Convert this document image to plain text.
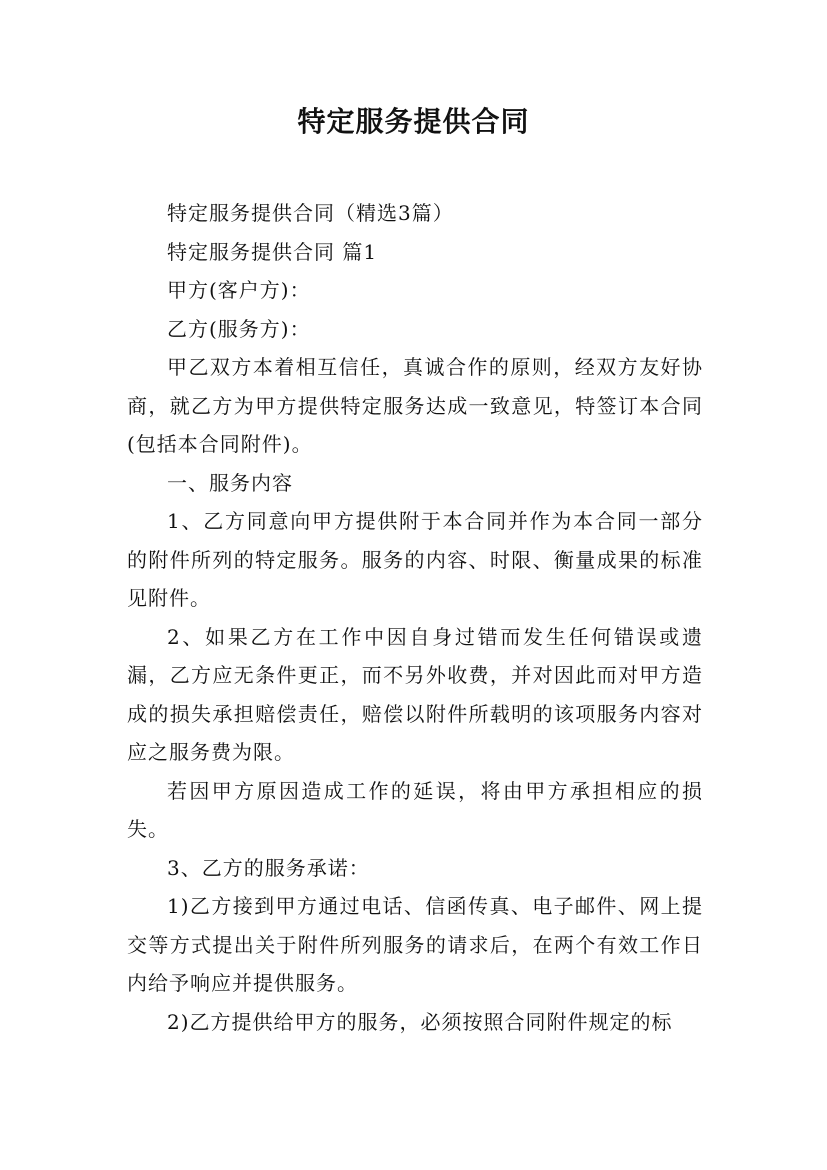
特定服务提供合同

特定服务提供合同（精选3篇）

特定服务提供合同 篇1

甲方(客户方)：

乙方(服务方)：

甲乙双方本着相互信任，真诚合作的原则，经双方友好协商，就乙方为甲方提供特定服务达成一致意见，特签订本合同(包括本合同附件)。

一、服务内容

1、乙方同意向甲方提供附于本合同并作为本合同一部分的附件所列的特定服务。服务的内容、时限、衡量成果的标准见附件。

2、如果乙方在工作中因自身过错而发生任何错误或遗漏，乙方应无条件更正，而不另外收费，并对因此而对甲方造成的损失承担赔偿责任，赔偿以附件所载明的该项服务内容对应之服务费为限。

若因甲方原因造成工作的延误，将由甲方承担相应的损失。

3、乙方的服务承诺：

1)乙方接到甲方通过电话、信函传真、电子邮件、网上提交等方式提出关于附件所列服务的请求后，在两个有效工作日内给予响应并提供服务。

2)乙方提供给甲方的服务，必须按照合同附件规定的标
